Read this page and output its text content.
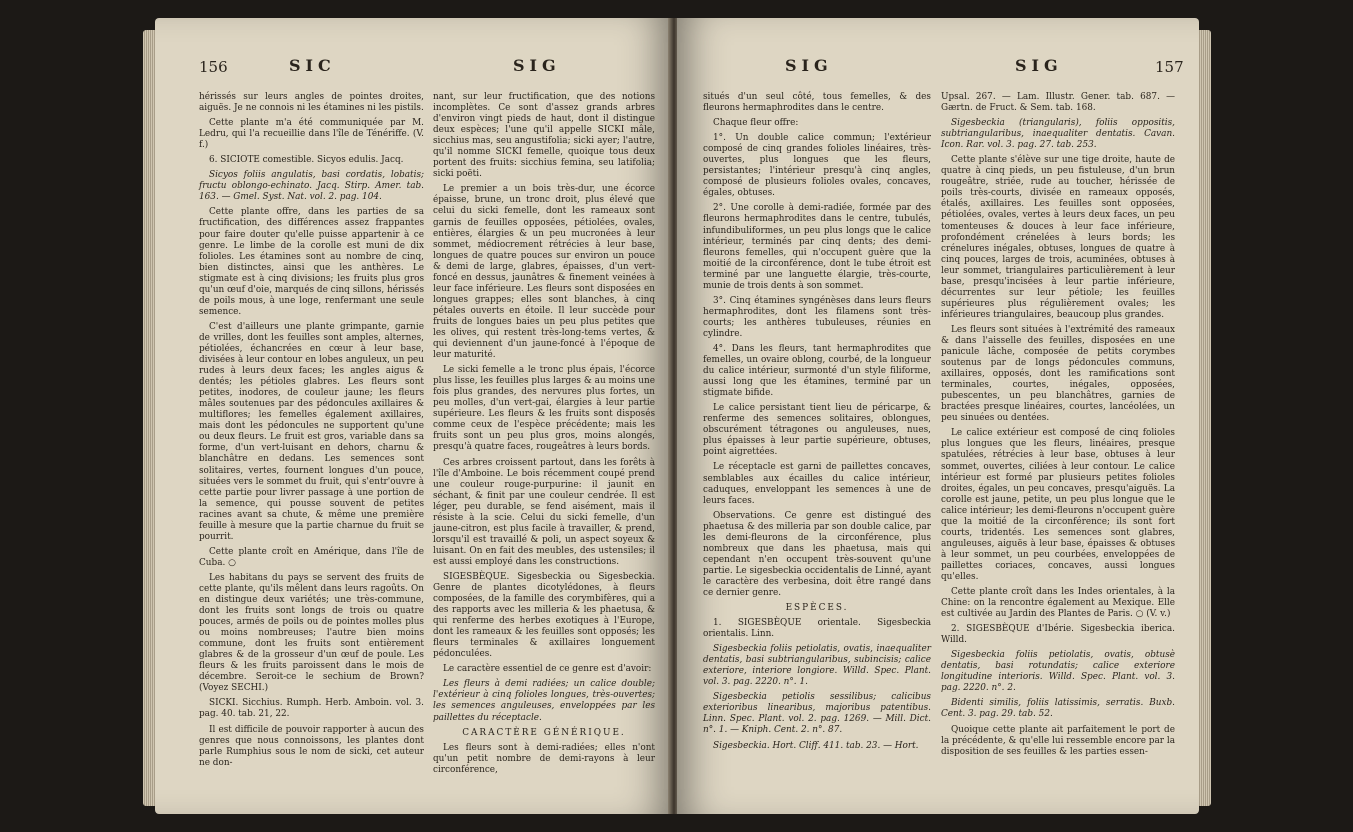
156	SIC	SIG

hérissés sur leurs angles de pointes droites, aiguës. Je ne connois ni les étamines ni les pistils.

Cette plante m'a été communiquée par M. Ledru, qui l'a recueillie dans l'île de Ténériffe. (V. f.)

6. SICIOTE comestible. Sicyos edulis. Jacq.

Sicyos foliis angulatis, basi cordatis, lobatis; fructu oblongo-echinato. Jacq. Stirp. Amer. tab. 163. — Gmel. Syst. Nat. vol. 2. pag. 104.

Cette plante offre, dans les parties de sa fructification, des différences assez frappantes pour faire douter qu'elle puisse appartenir à ce genre. Le limbe de la corolle est muni de dix folioles. Les étamines sont au nombre de cinq, bien distinctes, ainsi que les anthères. Le stigmate est à cinq divisions; les fruits plus gros qu'un œuf d'oie, marqués de cinq sillons, hérissés de poils mous, à une loge, renfermant une seule semence.

C'est d'ailleurs une plante grimpante, garnie de vrilles, dont les feuilles sont amples, alternes, pétiolées, échancrées en cœur à leur base, divisées à leur contour en lobes anguleux, un peu rudes à leurs deux faces; les angles aigus & dentés; les pétioles glabres. Les fleurs sont petites, inodores, de couleur jaune; les fleurs mâles soutenues par des pédoncules axillaires & multiflores; les femelles également axillaires, mais dont les pédoncules ne supportent qu'une ou deux fleurs. Le fruit est gros, variable dans sa forme, d'un vert-luisant en dehors, charnu & blanchâtre en dedans. Les semences sont solitaires, vertes, fournent longues d'un pouce, situées vers le sommet du fruit, qui s'entr'ouvre à cette partie pour livrer passage à une portion de la semence, qui pousse souvent de petites racines avant sa chute, & même une première feuille à mesure que la partie charnue du fruit se pourrit.

Cette plante croît en Amérique, dans l'île de Cuba. ○

Les habitans du pays se servent des fruits de cette plante, qu'ils mêlent dans leurs ragoûts. On en distingue deux variétés; une très-commune, dont les fruits sont longs de trois ou quatre pouces, armés de poils ou de pointes molles plus ou moins nombreuses; l'autre bien moins commune, dont les fruits sont entièrement glabres & de la grosseur d'un œuf de poule. Les fleurs & les fruits paroissent dans le mois de décembre. Seroit-ce le sechium de Brown? (Voyez SECHI.)

SICKI. Sicchius. Rumph. Herb. Amboin. vol. 3. pag. 40. tab. 21, 22.

Il est difficile de pouvoir rapporter à aucun des genres que nous connoissons, les plantes dont parle Rumphius sous le nom de sicki, cet auteur ne don-

nant, sur leur fructification, que des notions incomplètes. Ce sont d'assez grands arbres d'environ vingt pieds de haut, dont il distingue deux espèces; l'une qu'il appelle SICKI mâle, sicchius mas, seu angustifolia; sicki ayer; l'autre, qu'il nomme SICKI femelle, quoique tous deux portent des fruits: sicchius femina, seu latifolia; sicki poëti.

Le premier a un bois très-dur, une écorce épaisse, brune, un tronc droit, plus élevé que celui du sicki femelle, dont les rameaux sont garnis de feuilles opposées, pétiolées, ovales, entières, élargies & un peu mucronées à leur sommet, médiocrement rétrécies à leur base, longues de quatre pouces sur environ un pouce & demi de large, glabres, épaisses, d'un vert-foncé en dessus, jaunâtres & finement veinées à leur face inférieure. Les fleurs sont disposées en longues grappes; elles sont blanches, à cinq pétales ouverts en étoile. Il leur succède pour fruits de longues baies un peu plus petites que les olives, qui restent très-long-tems vertes, & qui deviennent d'un jaune-foncé à l'époque de leur maturité.

Le sicki femelle a le tronc plus épais, l'écorce plus lisse, les feuilles plus larges & au moins une fois plus grandes, des nervures plus fortes, un peu molles, d'un vert-gai, élargies à leur partie supérieure. Les fleurs & les fruits sont disposés comme ceux de l'espèce précédente; mais les fruits sont un peu plus gros, moins alongés, presqu'à quatre faces, rougeâtres à leurs bords.

Ces arbres croissent partout, dans les forêts à l'île d'Amboine. Le bois récemment coupé prend une couleur rouge-purpurine: il jaunit en séchant, & finit par une couleur cendrée. Il est léger, peu durable, se fend aisément, mais il résiste à la scie. Celui du sicki femelle, d'un jaune-citron, est plus facile à travailler, & prend, lorsqu'il est travaillé & poli, un aspect soyeux & luisant. On en fait des meubles, des ustensiles; il est aussi employé dans les constructions.

SIGESBÈQUE. Sigesbeckia ou Sigesbeckia. Genre de plantes dicotylédones, à fleurs composées, de la famille des corymbifères, qui a des rapports avec les milleria & les phaetusa, & qui renferme des herbes exotiques à l'Europe, dont les rameaux & les feuilles sont opposés; les fleurs terminales & axillaires longuement pédonculées.

Le caractère essentiel de ce genre est d'avoir:

Les fleurs à demi radiées; un calice double; l'extérieur à cinq folioles longues, très-ouvertes; les semences anguleuses, enveloppées par les paillettes du réceptacle.

CARACTÈRE GÉNÉRIQUE.

Les fleurs sont à demi-radiées; elles n'ont qu'un petit nombre de demi-rayons à leur circonférence,

SIG	SIG	157

situés d'un seul côté, tous femelles, & des fleurons hermaphrodites dans le centre.

Chaque fleur offre:

1°. Un double calice commun; l'extérieur composé de cinq grandes folioles linéaires, très-ouvertes, plus longues que les fleurs, persistantes; l'intérieur presqu'à cinq angles, composé de plusieurs folioles ovales, concaves, égales, obtuses.

2°. Une corolle à demi-radiée, formée par des fleurons hermaphrodites dans le centre, tubulés, infundibuliformes, un peu plus longs que le calice intérieur, terminés par cinq dents; des demi-fleurons femelles, qui n'occupent guère que la moitié de la circonférence, dont le tube étroit est terminé par une languette élargie, très-courte, munie de trois dents à son sommet.

3°. Cinq étamines syngénèses dans leurs fleurs hermaphrodites, dont les filamens sont très-courts; les anthères tubuleuses, réunies en cylindre.

4°. Dans les fleurs, tant hermaphrodites que femelles, un ovaire oblong, courbé, de la longueur du calice intérieur, surmonté d'un style filiforme, aussi long que les étamines, terminé par un stigmate bifide.

Le calice persistant tient lieu de péricarpe, & renferme des semences solitaires, oblongues, obscurément tétragones ou anguleuses, nues, plus épaisses à leur partie supérieure, obtuses, point aigrettées.

Le réceptacle est garni de paillettes concaves, semblables aux écailles du calice intérieur, caduques, enveloppant les semences à une de leurs faces.

Observations. Ce genre est distingué des phaetusa & des milleria par son double calice, par les demi-fleurons de la circonférence, plus nombreux que dans les phaetusa, mais qui cependant n'en occupent très-souvent qu'une partie. Le sigesbeckia occidentalis de Linné, ayant le caractère des verbesina, doit être rangé dans ce dernier genre.

ESPÈCES.

1. SIGESBÈQUE orientale. Sigesbeckia orientalis. Linn.

Sigesbeckia foliis petiolatis, ovatis, inaequaliter dentatis, basi subtriangularibus, subincisis; calice exteriore, interiore longiore. Willd. Spec. Plant. vol. 3. pag. 2220. n°. 1.

Sigesbeckia petiolis sessilibus; calicibus exterioribus linearibus, majoribus patentibus. Linn. Spec. Plant. vol. 2. pag. 1269. — Mill. Dict. n°. 1. — Kniph. Cent. 2. n°. 87.

Sigesbeckia. Hort. Cliff. 411. tab. 23. — Hort.

Upsal. 267. — Lam. Illustr. Gener. tab. 687. — Gærtn. de Fruct. & Sem. tab. 168.

Sigesbeckia (triangularis), foliis oppositis, subtriangularibus, inaequaliter dentatis. Cavan. Icon. Rar. vol. 3. pag. 27. tab. 253.

Cette plante s'élève sur une tige droite, haute de quatre à cinq pieds, un peu fistuleuse, d'un brun rougeâtre, striée, rude au toucher, hérissée de poils très-courts, divisée en rameaux opposés, étalés, axillaires. Les feuilles sont opposées, pétiolées, ovales, vertes à leurs deux faces, un peu tomenteuses & douces à leur face inférieure, profondément crénelées à leurs bords; les crénelures inégales, obtuses, longues de quatre à cinq pouces, larges de trois, acuminées, obtuses à leur sommet, triangulaires particulièrement à leur base, presqu'incisées à leur partie inférieure, décurrentes sur leur pétiole; les feuilles supérieures plus régulièrement ovales; les inférieures triangulaires, beaucoup plus grandes.

Les fleurs sont situées à l'extrémité des rameaux & dans l'aisselle des feuilles, disposées en une panicule lâche, composée de petits corymbes soutenus par de longs pédoncules communs, axillaires, opposés, dont les ramifications sont terminales, courtes, inégales, opposées, pubescentes, un peu blanchâtres, garnies de bractées presque linéaires, courtes, lancéolées, un peu sinuées ou dentées.

Le calice extérieur est composé de cinq folioles plus longues que les fleurs, linéaires, presque spatulées, rétrécies à leur base, obtuses à leur sommet, ouvertes, ciliées à leur contour. Le calice intérieur est formé par plusieurs petites folioles droites, égales, un peu concaves, presqu'aiguës. La corolle est jaune, petite, un peu plus longue que le calice intérieur; les demi-fleurons n'occupent guère que la moitié de la circonférence; ils sont fort courts, tridentés. Les semences sont glabres, anguleuses, aiguës à leur base, épaisses & obtuses à leur sommet, un peu courbées, enveloppées de paillettes coriaces, concaves, aussi longues qu'elles.

Cette plante croît dans les Indes orientales, à la Chine: on la rencontre également au Mexique. Elle est cultivée au Jardin des Plantes de Paris. ○ (V. v.)

2. SIGESBÈQUE d'Ibérie. Sigesbeckia iberica. Willd.

Sigesbeckia foliis petiolatis, ovatis, obtusè dentatis, basi rotundatis; calice exteriore longitudine interioris. Willd. Spec. Plant. vol. 3. pag. 2220. n°. 2.

Bidenti similis, foliis latissimis, serratis. Buxb. Cent. 3. pag. 29. tab. 52.

Quoique cette plante ait parfaitement le port de la précédente, & qu'elle lui ressemble encore par la disposition de ses feuilles & les parties essen-
